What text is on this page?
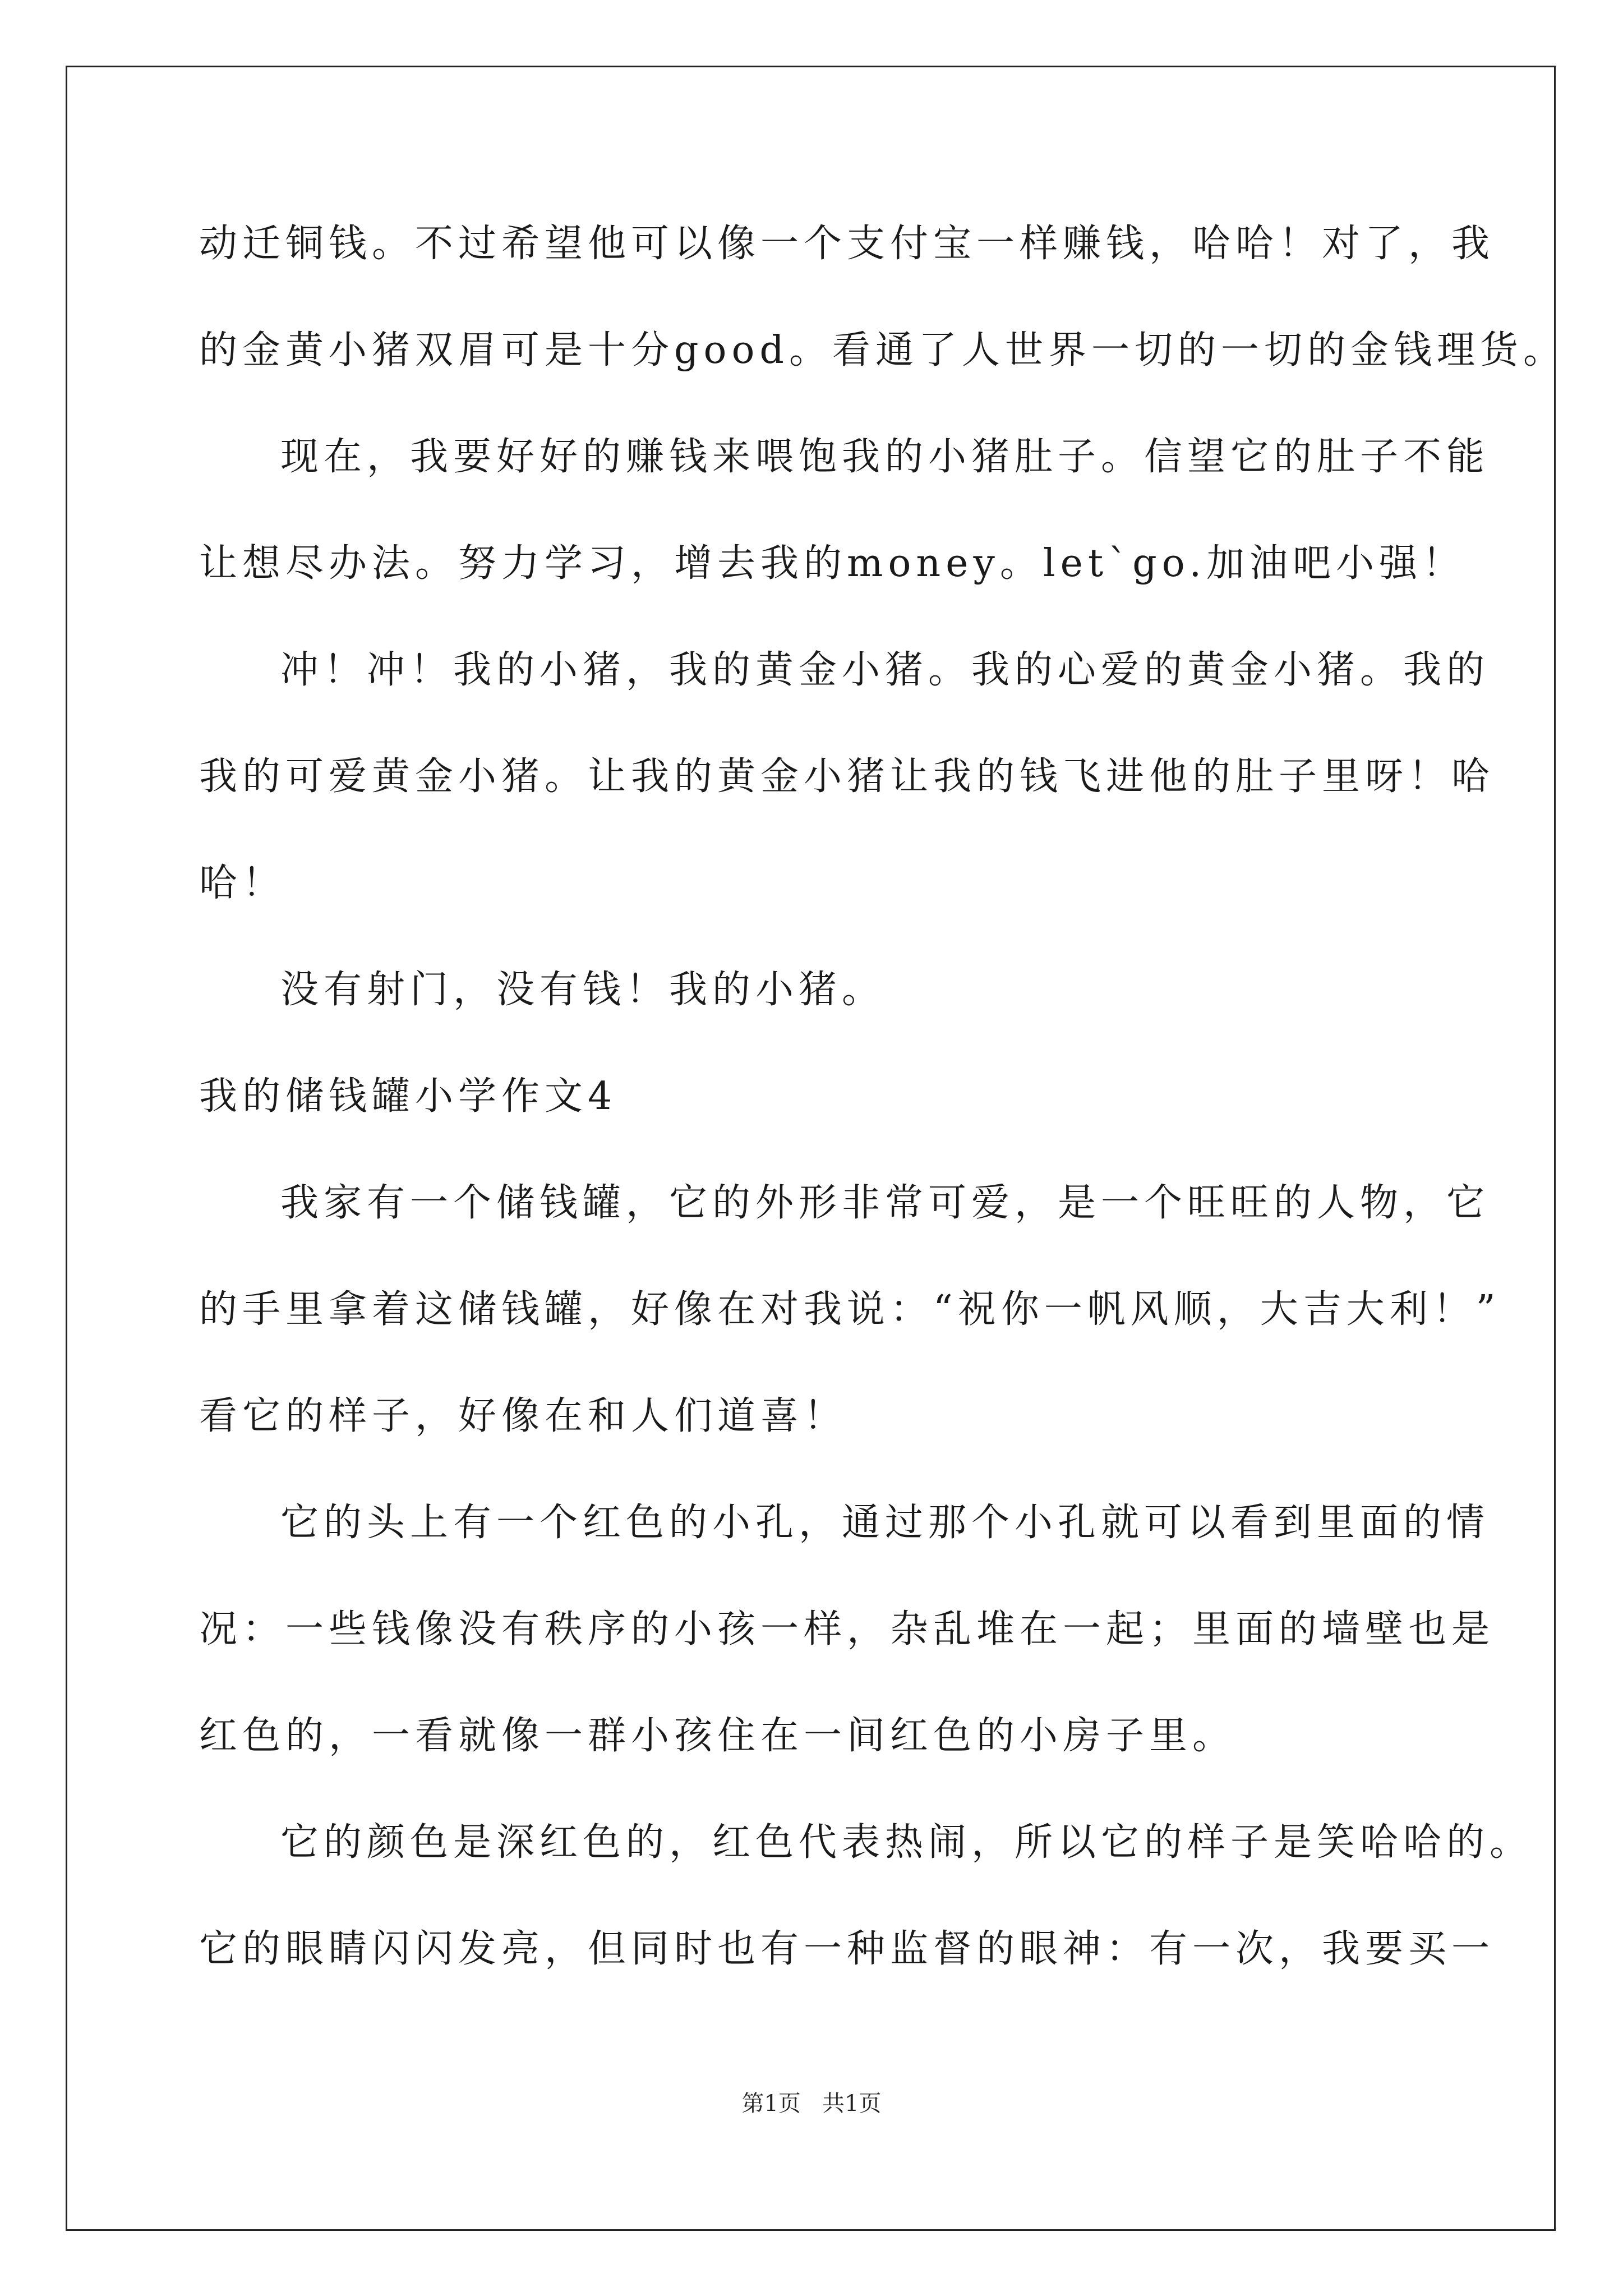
动迁铜钱。不过希望他可以像一个支付宝一样赚钱，哈哈！对了，我
的金黄小猪双眉可是十分good。看通了人世界一切的一切的金钱理货。
现在，我要好好的赚钱来喂饱我的小猪肚子。信望它的肚子不能
让想尽办法。努力学习，增去我的money。let`go.加油吧小强！
冲！冲！我的小猪，我的黄金小猪。我的心爱的黄金小猪。我的
我的可爱黄金小猪。让我的黄金小猪让我的钱飞进他的肚子里呀！哈
哈！
没有射门，没有钱！我的小猪。
我的储钱罐小学作文4
我家有一个储钱罐，它的外形非常可爱，是一个旺旺的人物，它
的手里拿着这储钱罐，好像在对我说：“祝你一帆风顺，大吉大利！”
看它的样子，好像在和人们道喜！
它的头上有一个红色的小孔，通过那个小孔就可以看到里面的情
况：一些钱像没有秩序的小孩一样，杂乱堆在一起；里面的墙壁也是
红色的，一看就像一群小孩住在一间红色的小房子里。
它的颜色是深红色的，红色代表热闹，所以它的样子是笑哈哈的。
它的眼睛闪闪发亮，但同时也有一种监督的眼神：有一次，我要买一
第1页   共1页
